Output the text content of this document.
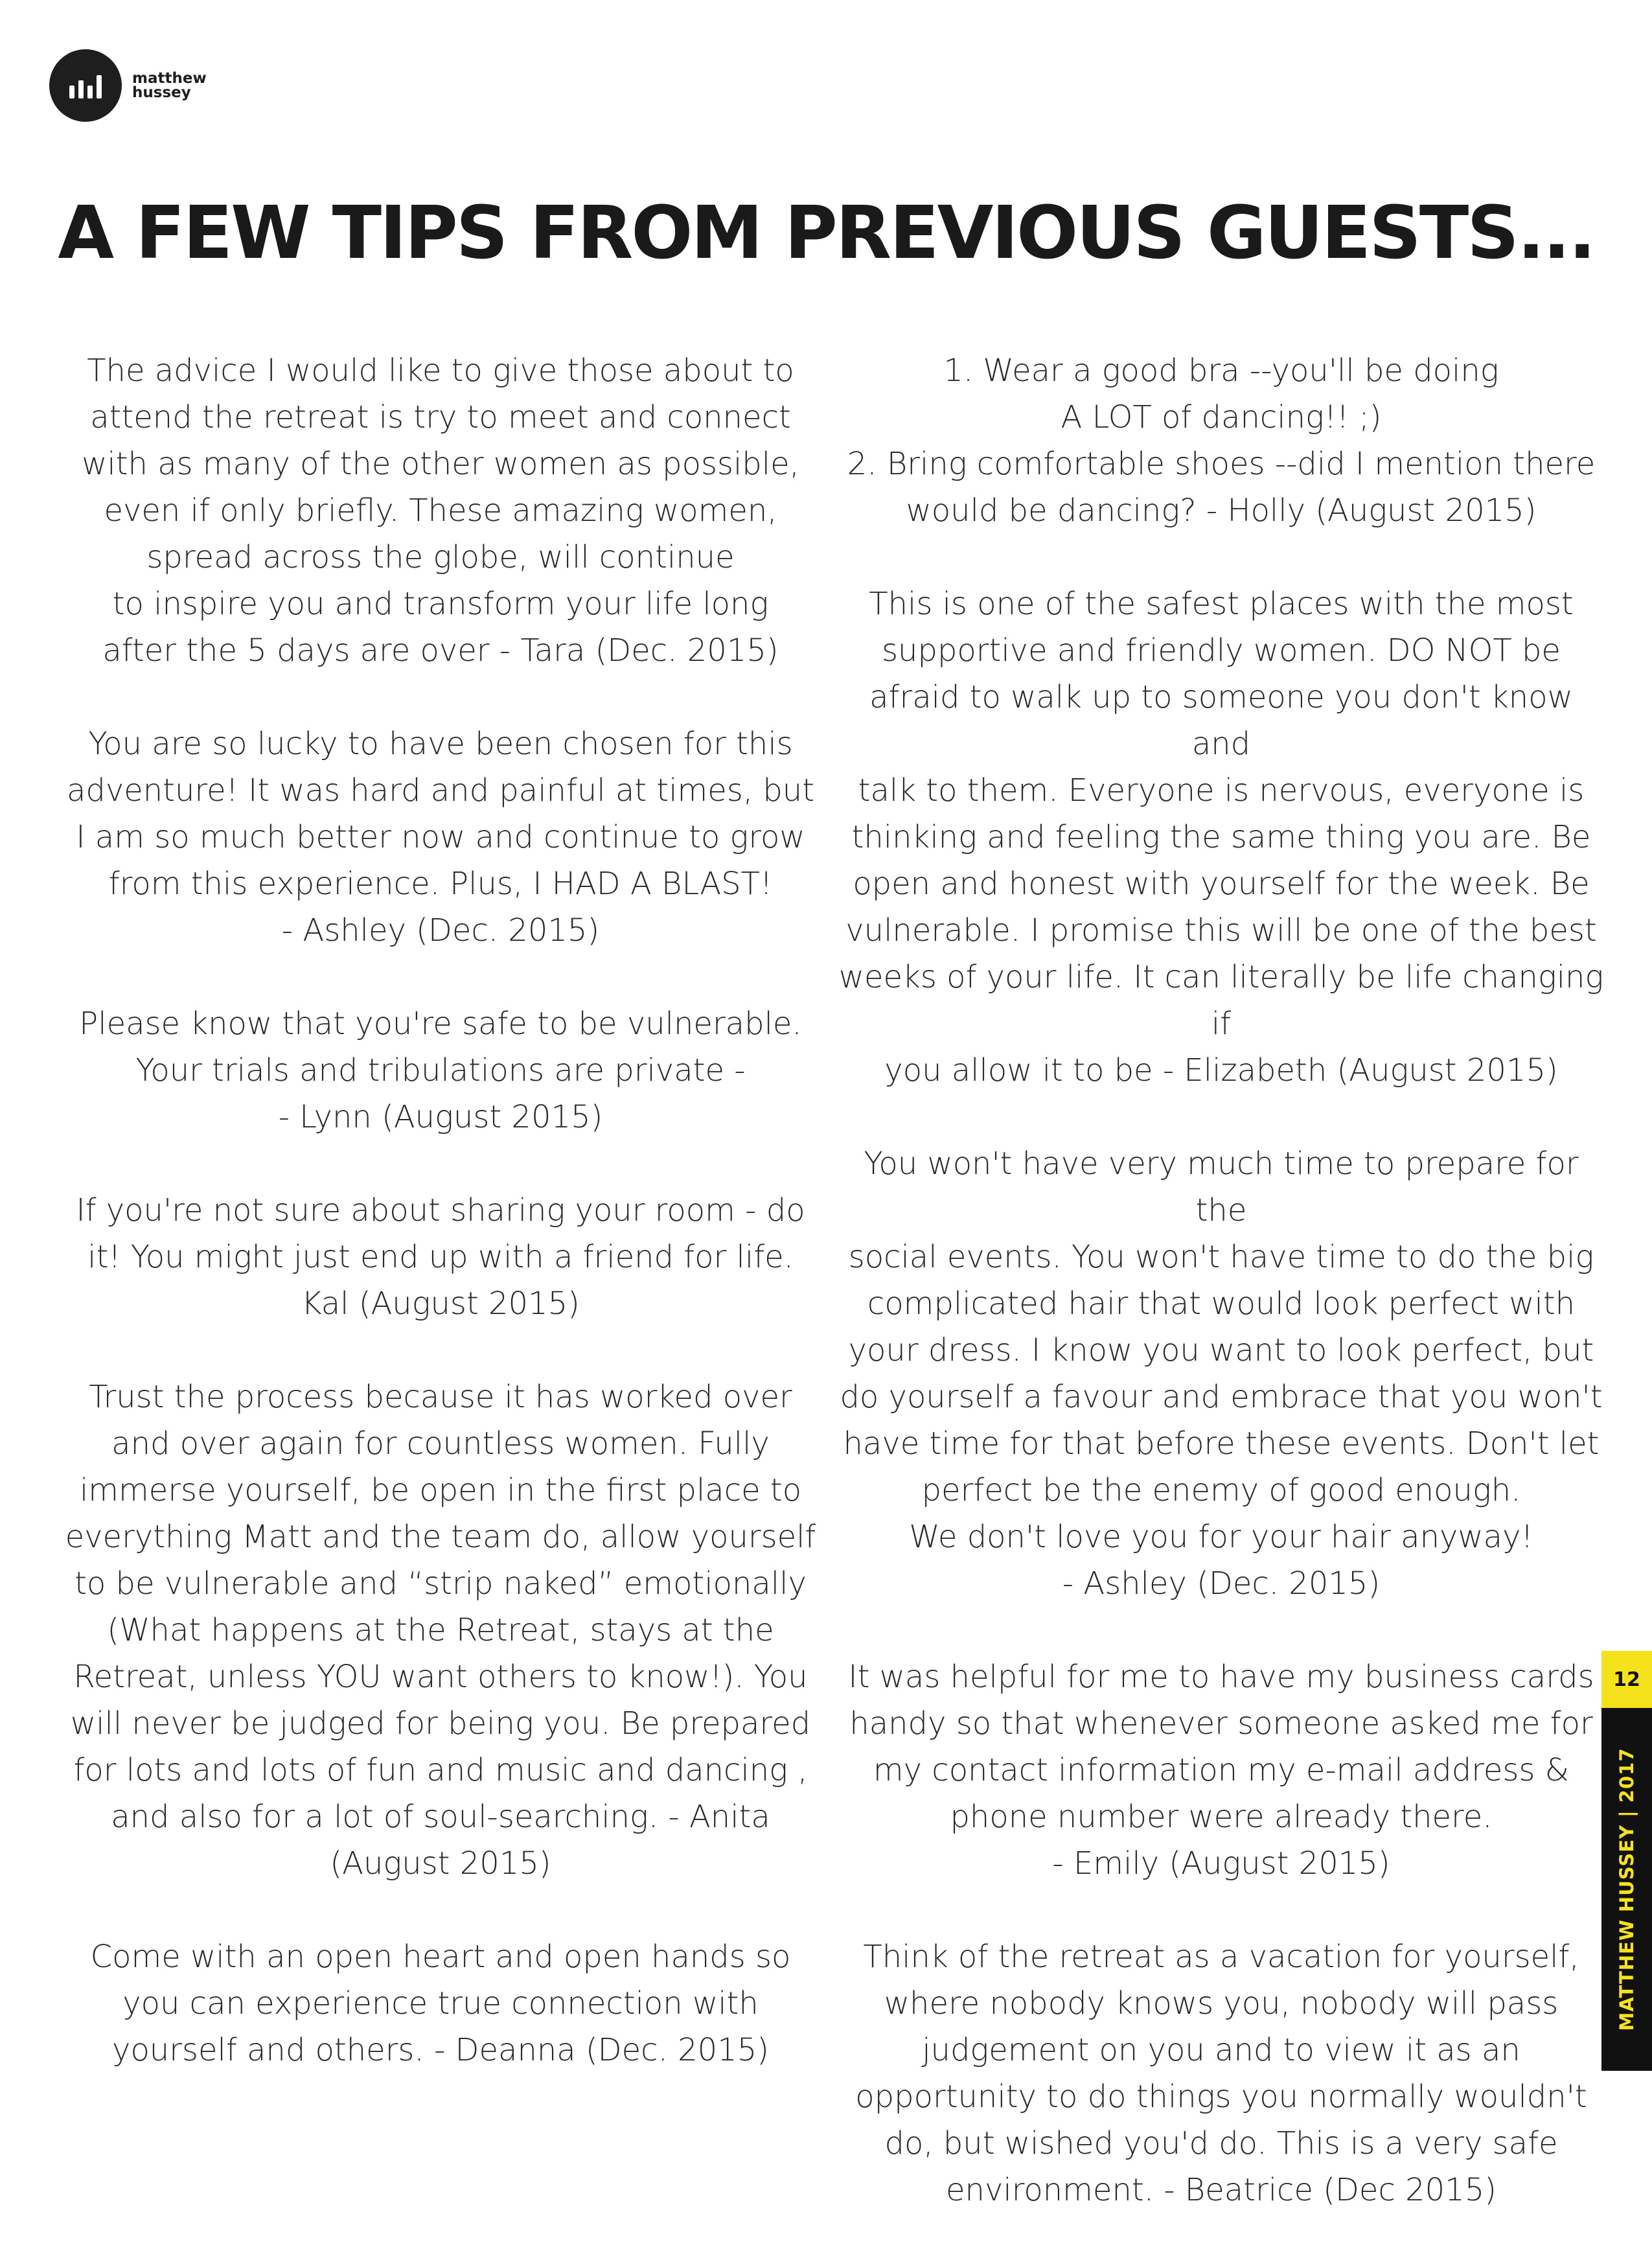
matthew
hussey
A FEW TIPS FROM PREVIOUS GUESTS...

The advice I would like to give those about to
attend the retreat is try to meet and connect
with as many of the other women as possible,
even if only briefly. These amazing women,
spread across the globe, will continue
to inspire you and transform your life long
after the 5 days are over - Tara (Dec. 2015)

You are so lucky to have been chosen for this
adventure! It was hard and painful at times, but
I am so much better now and continue to grow
from this experience. Plus, I HAD A BLAST!
- Ashley (Dec. 2015)

Please know that you're safe to be vulnerable.
Your trials and tribulations are private -
- Lynn (August 2015)

If you're not sure about sharing your room - do
it! You might just end up with a friend for life.
Kal (August 2015)

Trust the process because it has worked over
and over again for countless women. Fully
immerse yourself, be open in the first place to
everything Matt and the team do, allow yourself
to be vulnerable and “strip naked” emotionally
(What happens at the Retreat, stays at the
Retreat, unless YOU want others to know!). You
will never be judged for being you. Be prepared
for lots and lots of fun and music and dancing ,
and also for a lot of soul-searching. - Anita
(August 2015)

Come with an open heart and open hands so
you can experience true connection with
yourself and others. - Deanna (Dec. 2015)

1. Wear a good bra --you'll be doing
A LOT of dancing!! ;)
2. Bring comfortable shoes --did I mention there
would be dancing? - Holly (August 2015)

This is one of the safest places with the most
supportive and friendly women. DO NOT be
afraid to walk up to someone you don't know and
talk to them. Everyone is nervous, everyone is
thinking and feeling the same thing you are. Be
open and honest with yourself for the week. Be
vulnerable. I promise this will be one of the best
weeks of your life. It can literally be life changing if
you allow it to be - Elizabeth (August 2015)

You won't have very much time to prepare for the
social events. You won't have time to do the big
complicated hair that would look perfect with
your dress. I know you want to look perfect, but
do yourself a favour and embrace that you won't
have time for that before these events. Don't let
perfect be the enemy of good enough.
We don't love you for your hair anyway!
- Ashley (Dec. 2015)

It was helpful for me to have my business cards
handy so that whenever someone asked me for
my contact information my e-mail address &
phone number were already there.
- Emily (August 2015)

Think of the retreat as a vacation for yourself,
where nobody knows you, nobody will pass
judgement on you and to view it as an
opportunity to do things you normally wouldn't
do, but wished you'd do. This is a very safe
environment. - Beatrice (Dec 2015)

12
MATTHEW HUSSEY | 2017
